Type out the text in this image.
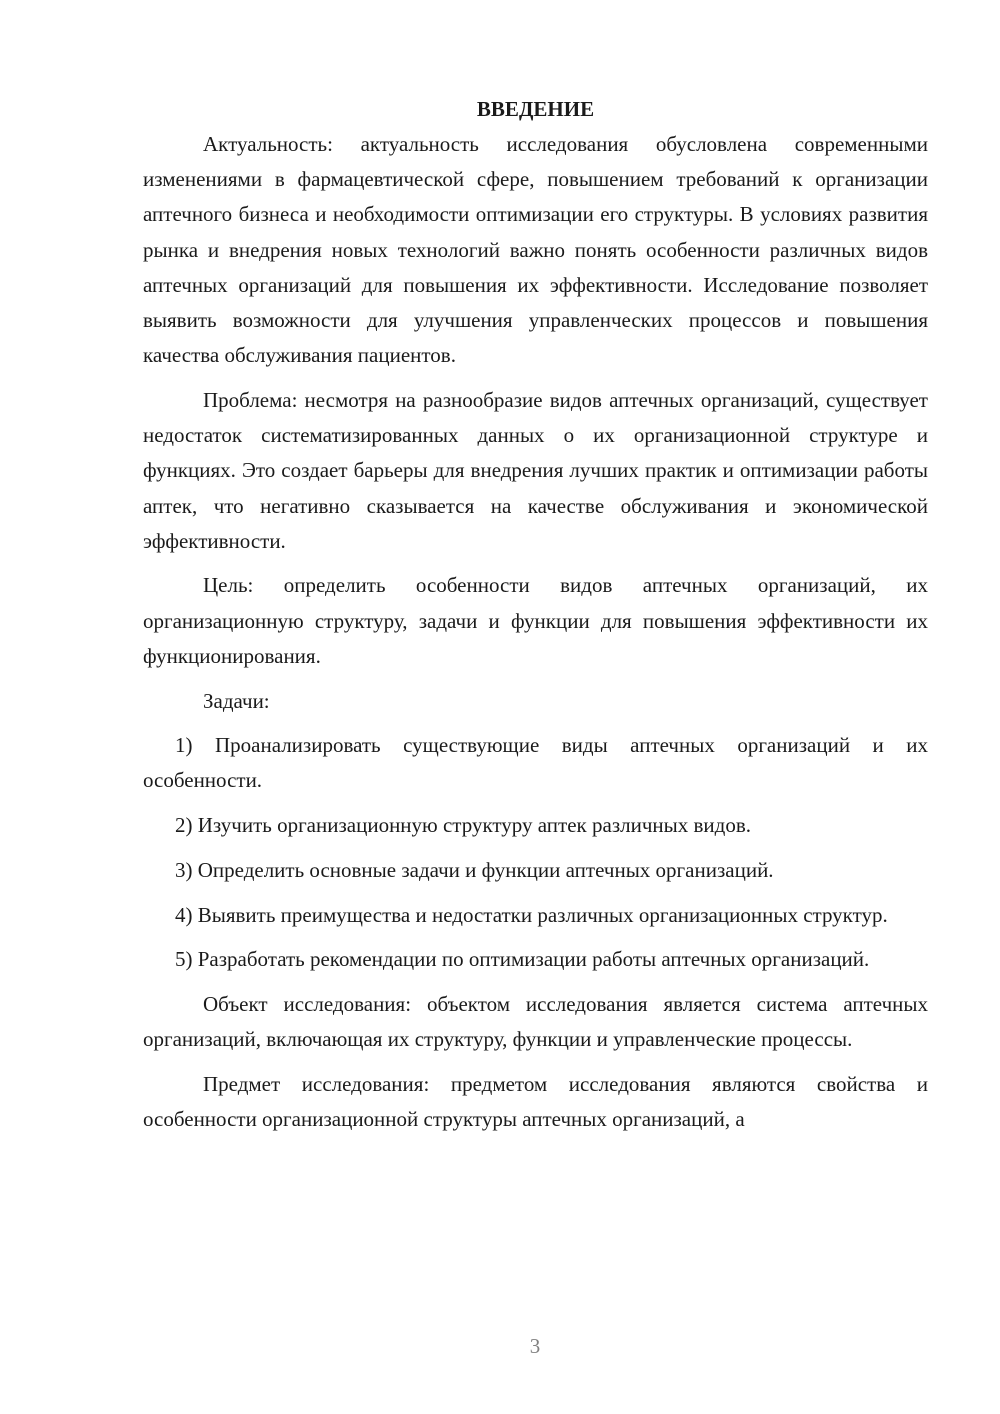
ВВЕДЕНИЕ

Актуальность: актуальность исследования обусловлена современными изменениями в фармацевтической сфере, повышением требований к организации аптечного бизнеса и необходимости оптимизации его структуры. В условиях развития рынка и внедрения новых технологий важно понять особенности различных видов аптечных организаций для повышения их эффективности. Исследование позволяет выявить возможности для улучшения управленческих процессов и повышения качества обслуживания пациентов.

Проблема: несмотря на разнообразие видов аптечных организаций, существует недостаток систематизированных данных о их организационной структуре и функциях. Это создает барьеры для внедрения лучших практик и оптимизации работы аптек, что негативно сказывается на качестве обслуживания и экономической эффективности.

Цель: определить особенности видов аптечных организаций, их организационную структуру, задачи и функции для повышения эффективности их функционирования.

Задачи:

1) Проанализировать существующие виды аптечных организаций и их особенности.

2) Изучить организационную структуру аптек различных видов.

3) Определить основные задачи и функции аптечных организаций.

4) Выявить преимущества и недостатки различных организационных структур.

5) Разработать рекомендации по оптимизации работы аптечных организаций.

Объект исследования: объектом исследования является система аптечных организаций, включающая их структуру, функции и управленческие процессы.

Предмет исследования: предметом исследования являются свойства и особенности организационной структуры аптечных организаций, а

3
